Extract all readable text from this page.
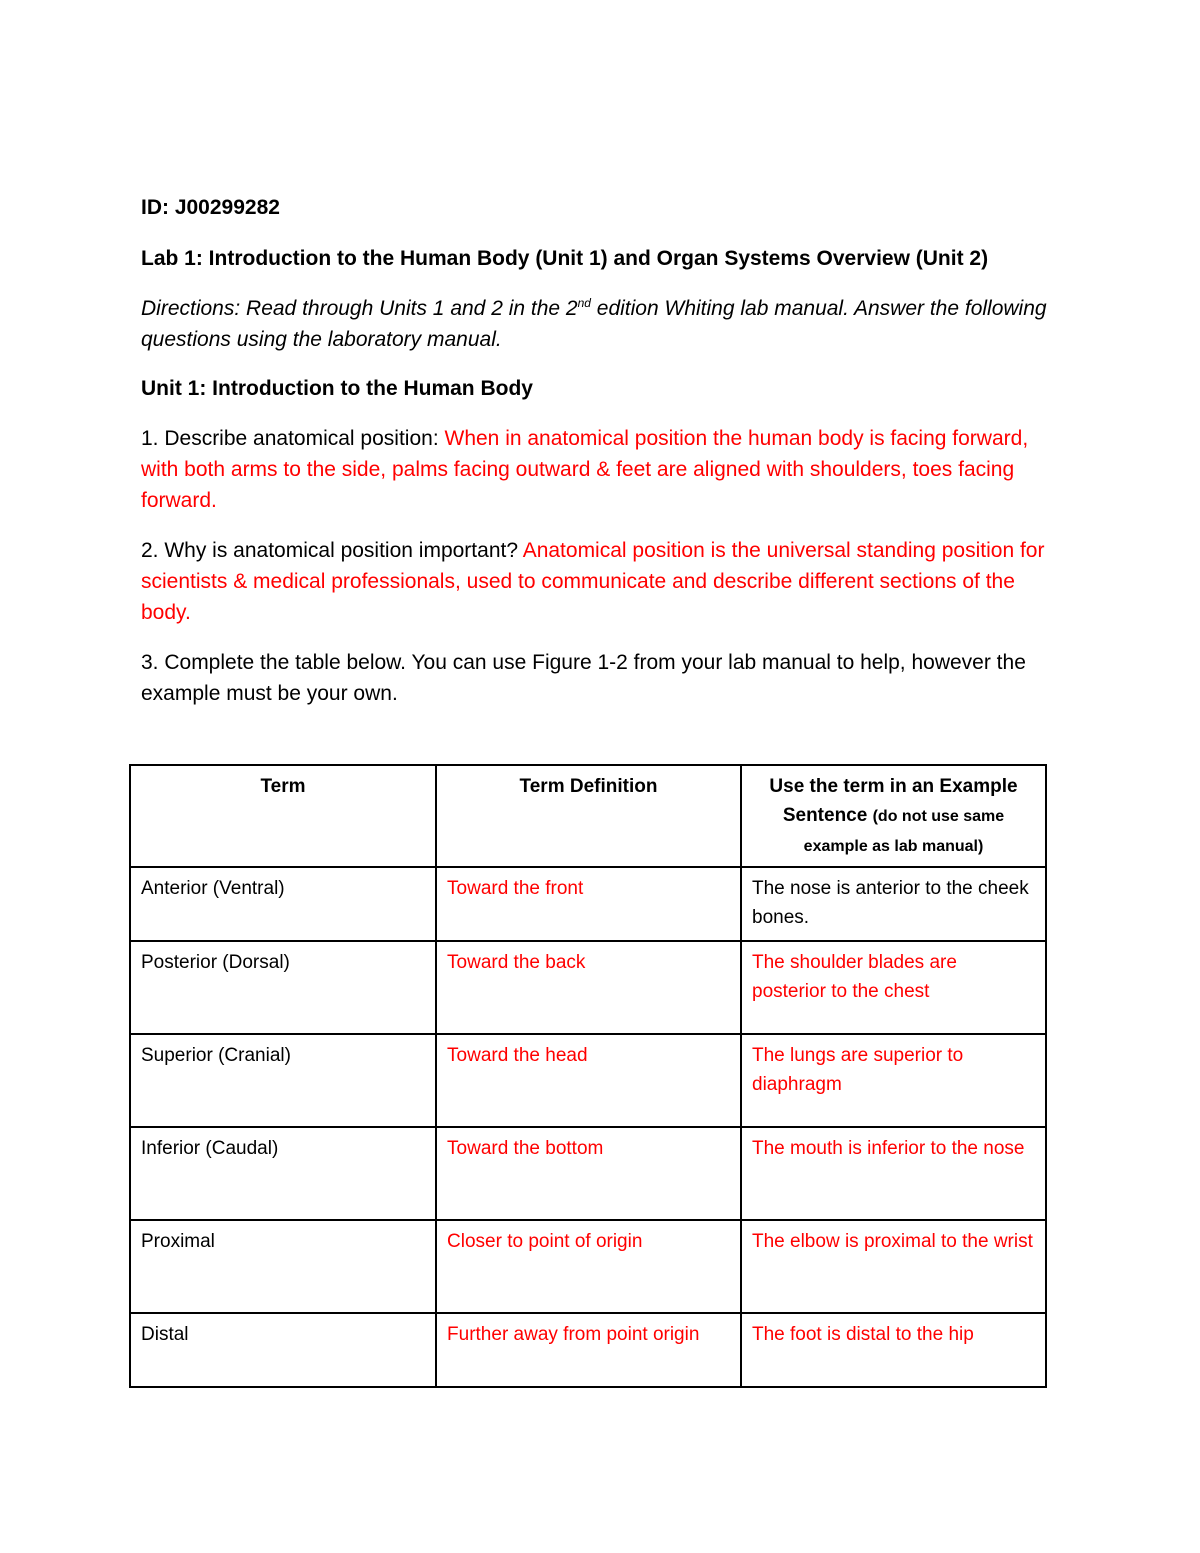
ID: J00299282

Lab 1: Introduction to the Human Body (Unit 1) and Organ Systems Overview (Unit 2)

Directions: Read through Units 1 and 2 in the 2nd edition Whiting lab manual. Answer the following questions using the laboratory manual.

Unit 1: Introduction to the Human Body

1. Describe anatomical position: When in anatomical position the human body is facing forward, with both arms to the side, palms facing outward & feet are aligned with shoulders, toes facing forward.

2. Why is anatomical position important? Anatomical position is the universal standing position for scientists & medical professionals, used to communicate and describe different sections of the body.

3. Complete the table below. You can use Figure 1-2 from your lab manual to help, however the example must be your own.

Term	Term Definition	Use the term in an Example Sentence (do not use same example as lab manual)
Anterior (Ventral)	Toward the front	The nose is anterior to the cheek bones.
Posterior (Dorsal)	Toward the back	The shoulder blades are posterior to the chest
Superior (Cranial)	Toward the head	The lungs are superior to diaphragm
Inferior (Caudal)	Toward the bottom	The mouth is inferior to the nose
Proximal	Closer to point of origin	The elbow is proximal to the wrist
Distal	Further away from point origin	The foot is distal to the hip
